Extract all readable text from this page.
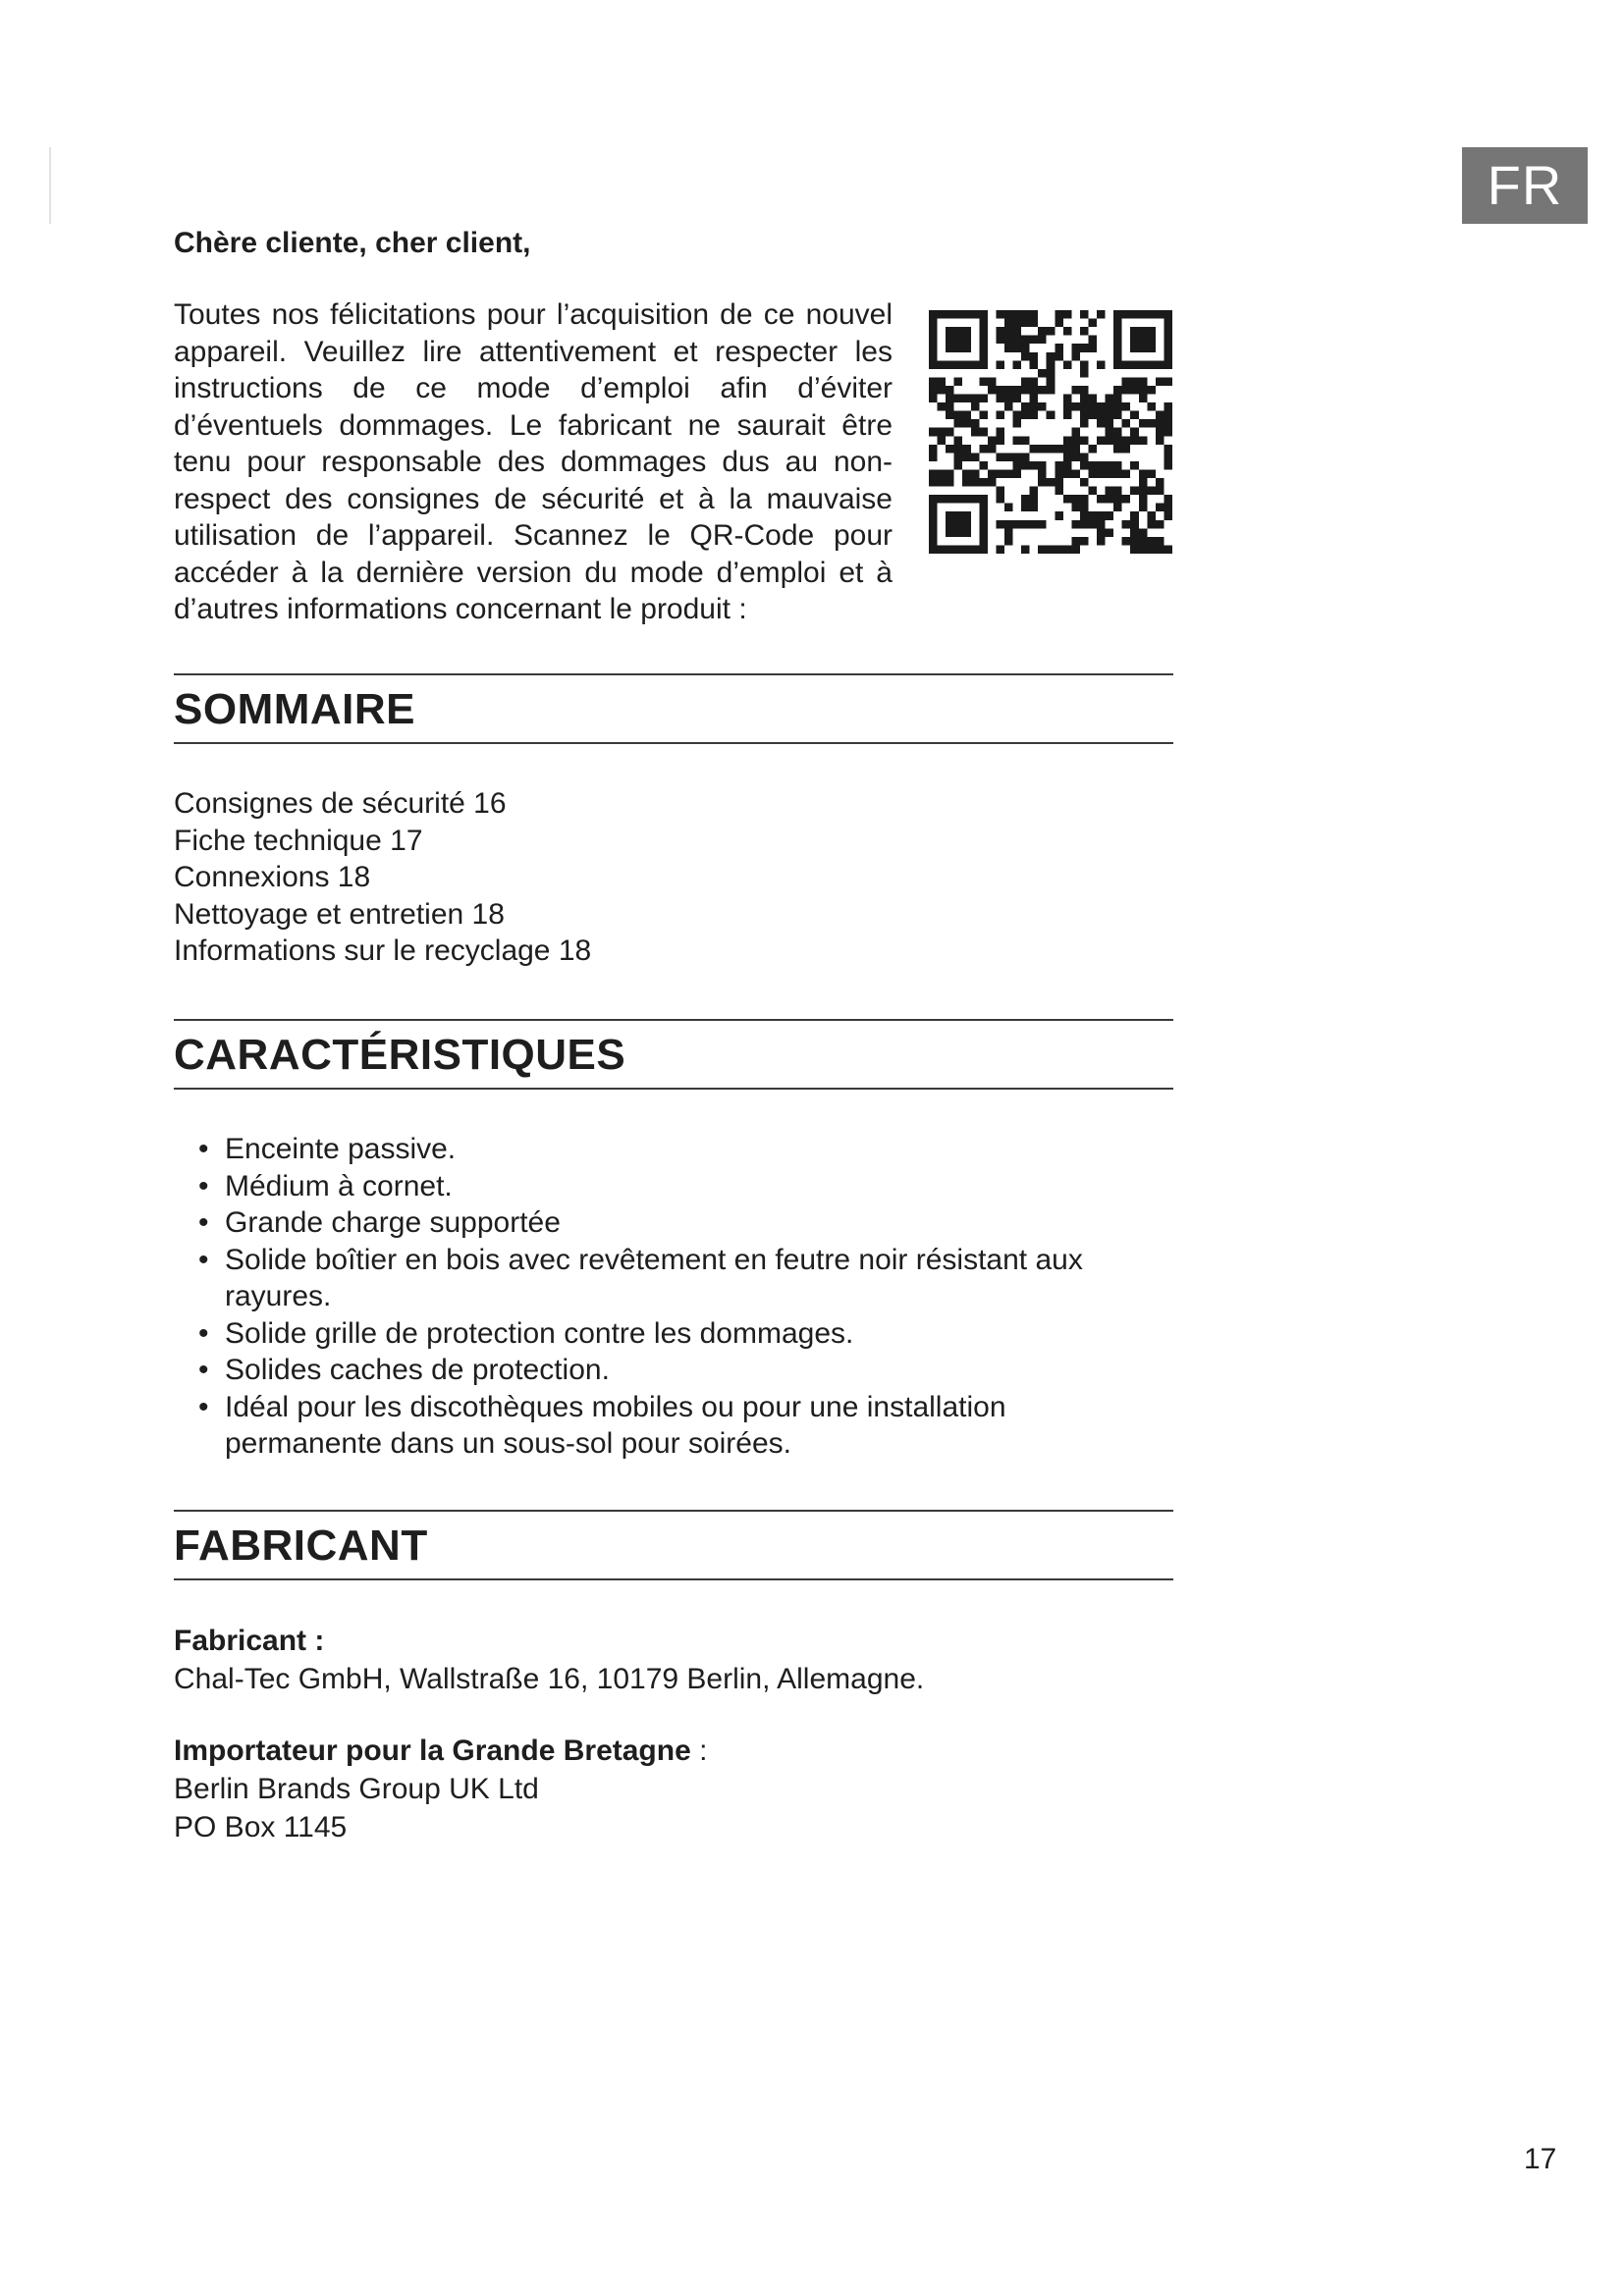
FR
Chère cliente, cher client,

Toutes nos félicitations pour l’acquisition de ce nouvel appareil. Veuillez lire attentivement et respecter les instructions de ce mode d’emploi afin d’éviter d’éventuels dommages. Le fabricant ne saurait être tenu pour responsable des dommages dus au non-respect des consignes de sécurité et à la mauvaise utilisation de l’appareil. Scannez le QR-Code pour accéder à la dernière version du mode d’emploi et à d’autres informations concernant le produit :

SOMMAIRE
Consignes de sécurité 16
Fiche technique 17
Connexions 18
Nettoyage et entretien 18
Informations sur le recyclage 18
CARACTÉRISTIQUES
• Enceinte passive.
• Médium à cornet.
• Grande charge supportée
• Solide boîtier en bois avec revêtement en feutre noir résistant aux rayures.
• Solide grille de protection contre les dommages.
• Solides caches de protection.
• Idéal pour les discothèques mobiles ou pour une installation permanente dans un sous-sol pour soirées.
FABRICANT
Fabricant :
Chal-Tec GmbH, Wallstraße 16, 10179 Berlin, Allemagne.
Importateur pour la Grande Bretagne :
Berlin Brands Group UK Ltd
PO Box 1145
17
